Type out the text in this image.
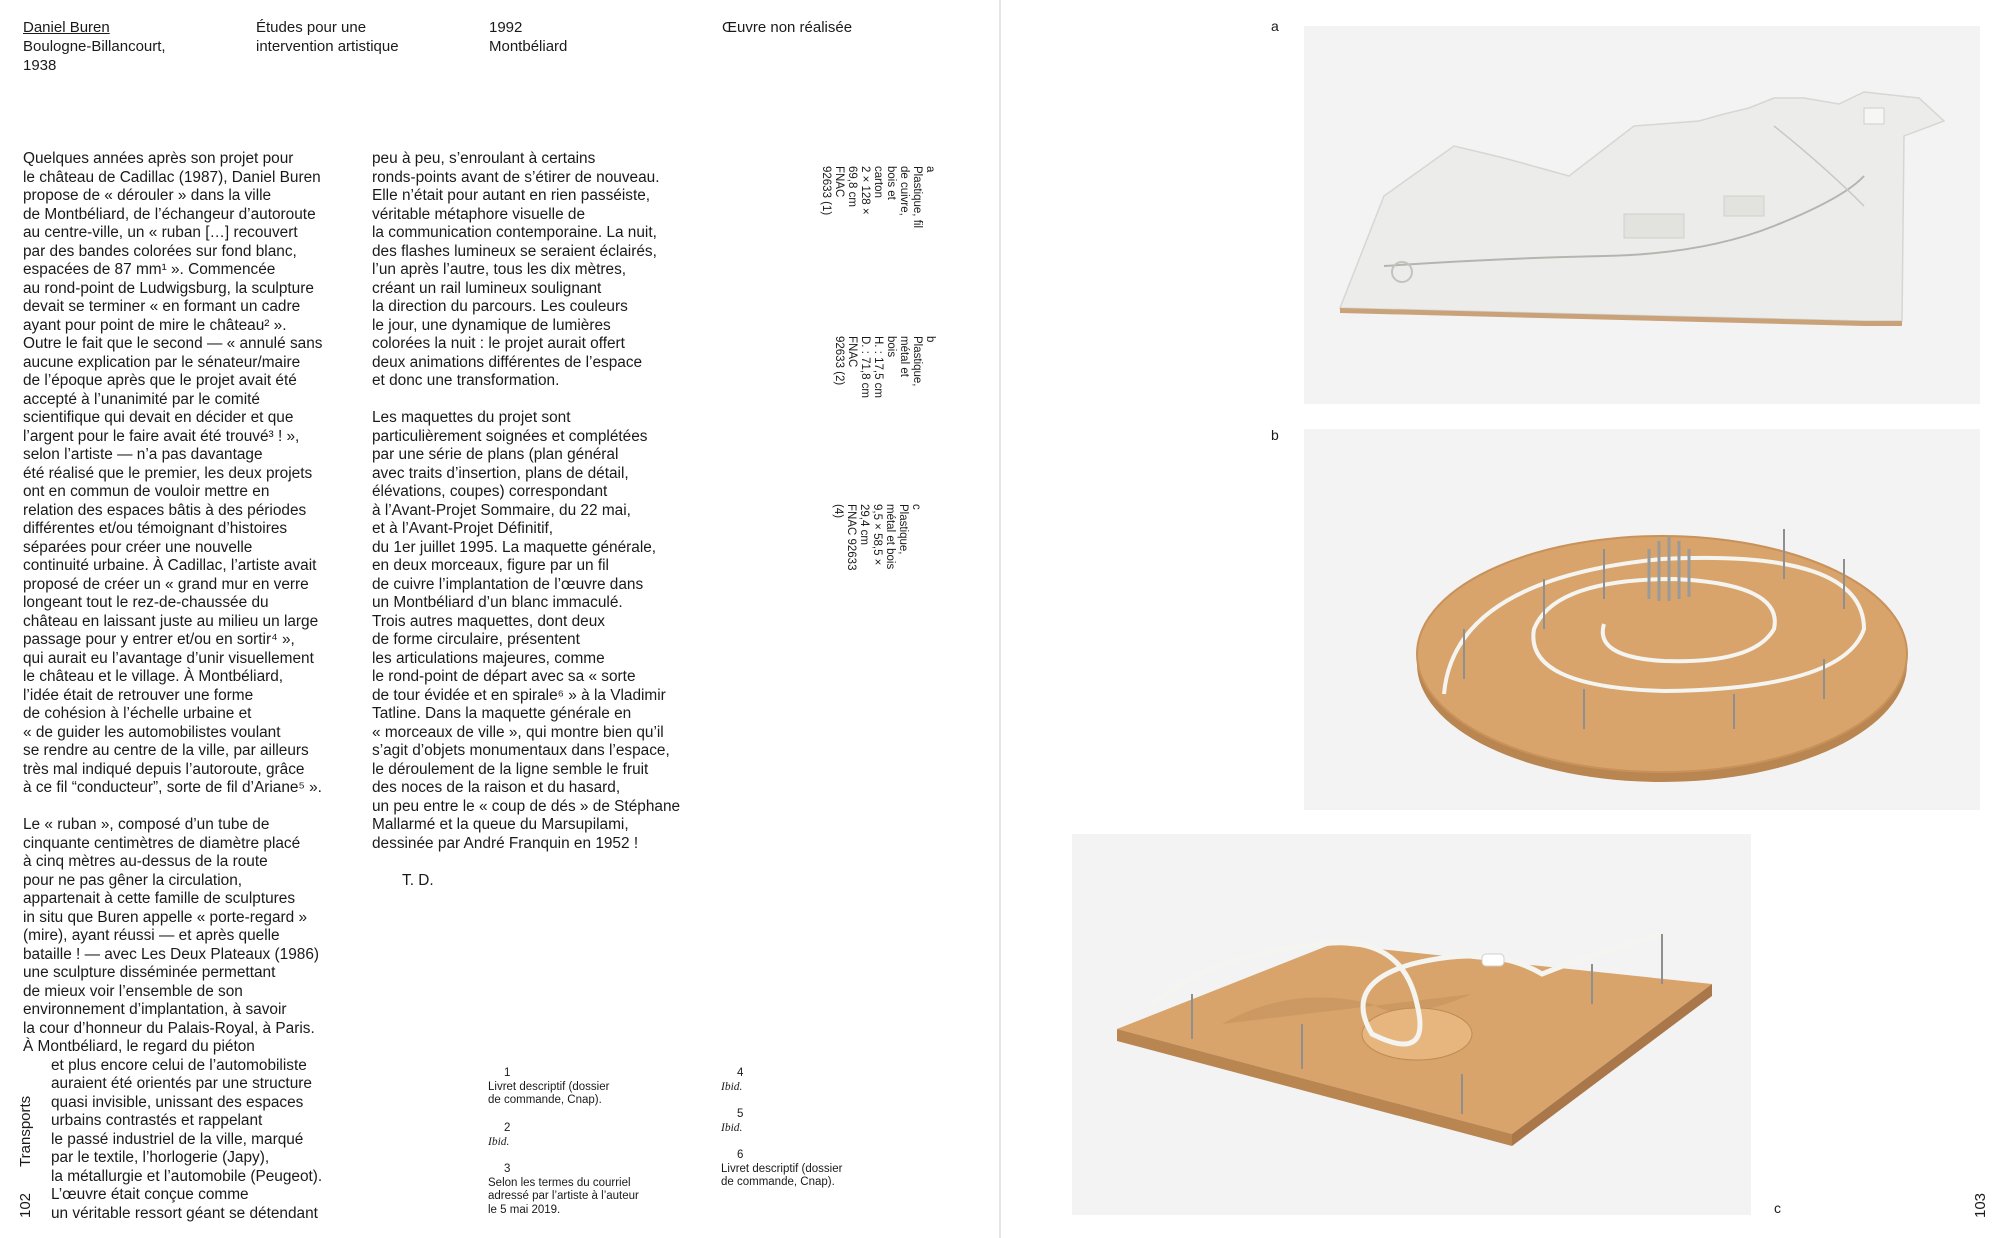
Daniel Buren
Boulogne-Billancourt,
1938
Études pour une
intervention artistique
1992
Montbéliard
Œuvre non réalisée

Quelques années après son projet pour
le château de Cadillac (1987), Daniel Buren
propose de « dérouler » dans la ville
de Montbéliard, de l’échangeur d’autoroute
au centre-ville, un « ruban […] recouvert
par des bandes colorées sur fond blanc,
espacées de 87 mm¹ ». Commencée
au rond-point de Ludwigsburg, la sculpture
devait se terminer « en formant un cadre
ayant pour point de mire le château² ».
Outre le fait que le second — « annulé sans
aucune explication par le sénateur/maire
de l’époque après que le projet avait été
accepté à l’unanimité par le comité
scientifique qui devait en décider et que
l’argent pour le faire avait été trouvé³ ! »,
selon l’artiste — n’a pas davantage
été réalisé que le premier, les deux projets
ont en commun de vouloir mettre en
relation des espaces bâtis à des périodes
différentes et/ou témoignant d’histoires
séparées pour créer une nouvelle
continuité urbaine. À Cadillac, l’artiste avait
proposé de créer un « grand mur en verre
longeant tout le rez-de-chaussée du
château en laissant juste au milieu un large
passage pour y entrer et/ou en sortir⁴ »,
qui aurait eu l’avantage d’unir visuellement
le château et le village. À Montbéliard,
l’idée était de retrouver une forme
de cohésion à l’échelle urbaine et
« de guider les automobilistes voulant
se rendre au centre de la ville, par ailleurs
très mal indiqué depuis l’autoroute, grâce
à ce fil “conducteur”, sorte de fil d’Ariane⁵ ».

Le « ruban », composé d’un tube de
cinquante centimètres de diamètre placé
à cinq mètres au-dessus de la route
pour ne pas gêner la circulation,
appartenait à cette famille de sculptures
in situ que Buren appelle « porte-regard »
(mire), ayant réussi — et après quelle
bataille ! — avec Les Deux Plateaux (1986)
une sculpture disséminée permettant
de mieux voir l’ensemble de son
environnement d’implantation, à savoir
la cour d’honneur du Palais-Royal, à Paris.
À Montbéliard, le regard du piéton

et plus encore celui de l’automobiliste
auraient été orientés par une structure
quasi invisible, unissant des espaces
urbains contrastés et rappelant
le passé industriel de la ville, marqué
par le textile, l’horlogerie (Japy),
la métallurgie et l’automobile (Peugeot).
L’œuvre était conçue comme
un véritable ressort géant se détendant

peu à peu, s’enroulant à certains
ronds-points avant de s’étirer de nouveau.
Elle n’était pour autant en rien passéiste,
véritable métaphore visuelle de
la communication contemporaine. La nuit,
des flashes lumineux se seraient éclairés,
l’un après l’autre, tous les dix mètres,
créant un rail lumineux soulignant
la direction du parcours. Les couleurs
le jour, une dynamique de lumières
colorées la nuit : le projet aurait offert
deux animations différentes de l’espace
et donc une transformation.

Les maquettes du projet sont
particulièrement soignées et complétées
par une série de plans (plan général
avec traits d’insertion, plans de détail,
élévations, coupes) correspondant
à l’Avant-Projet Sommaire, du 22 mai,
et à l’Avant-Projet Définitif,
du 1er juillet 1995. La maquette générale,
en deux morceaux, figure par un fil
de cuivre l’implantation de l’œuvre dans
un Montbéliard d’un blanc immaculé.
Trois autres maquettes, dont deux
de forme circulaire, présentent
les articulations majeures, comme
le rond-point de départ avec sa « sorte
de tour évidée et en spirale⁶ » à la Vladimir
Tatline. Dans la maquette générale en
« morceaux de ville », qui montre bien qu’il
s’agit d’objets monumentaux dans l’espace,
le déroulement de la ligne semble le fruit
des noces de la raison et du hasard,
un peu entre le « coup de dés » de Stéphane
Mallarmé et la queue du Marsupilami,
dessinée par André Franquin en 1952 !

T. D.
a
Plastique, fil de cuivre,
bois et carton
2 × 128 × 69,8 cm
FNAC 92633 (1)
b
Plastique, métal et bois
H. : 17,5 cm
D. : 71,8 cm
FNAC 92633 (2)
c
Plastique, métal et bois
9,5 × 58,5 × 29,4 cm
FNAC 92633 (4)
1
Livret descriptif (dossier
de commande, Cnap).
2
Ibid.
3
Selon les termes du courriel
adressé par l’artiste à l’auteur
le 5 mai 2019.
4
Ibid.
5
Ibid.
6
Livret descriptif (dossier
de commande, Cnap).
102Transports
a
b
c	103
